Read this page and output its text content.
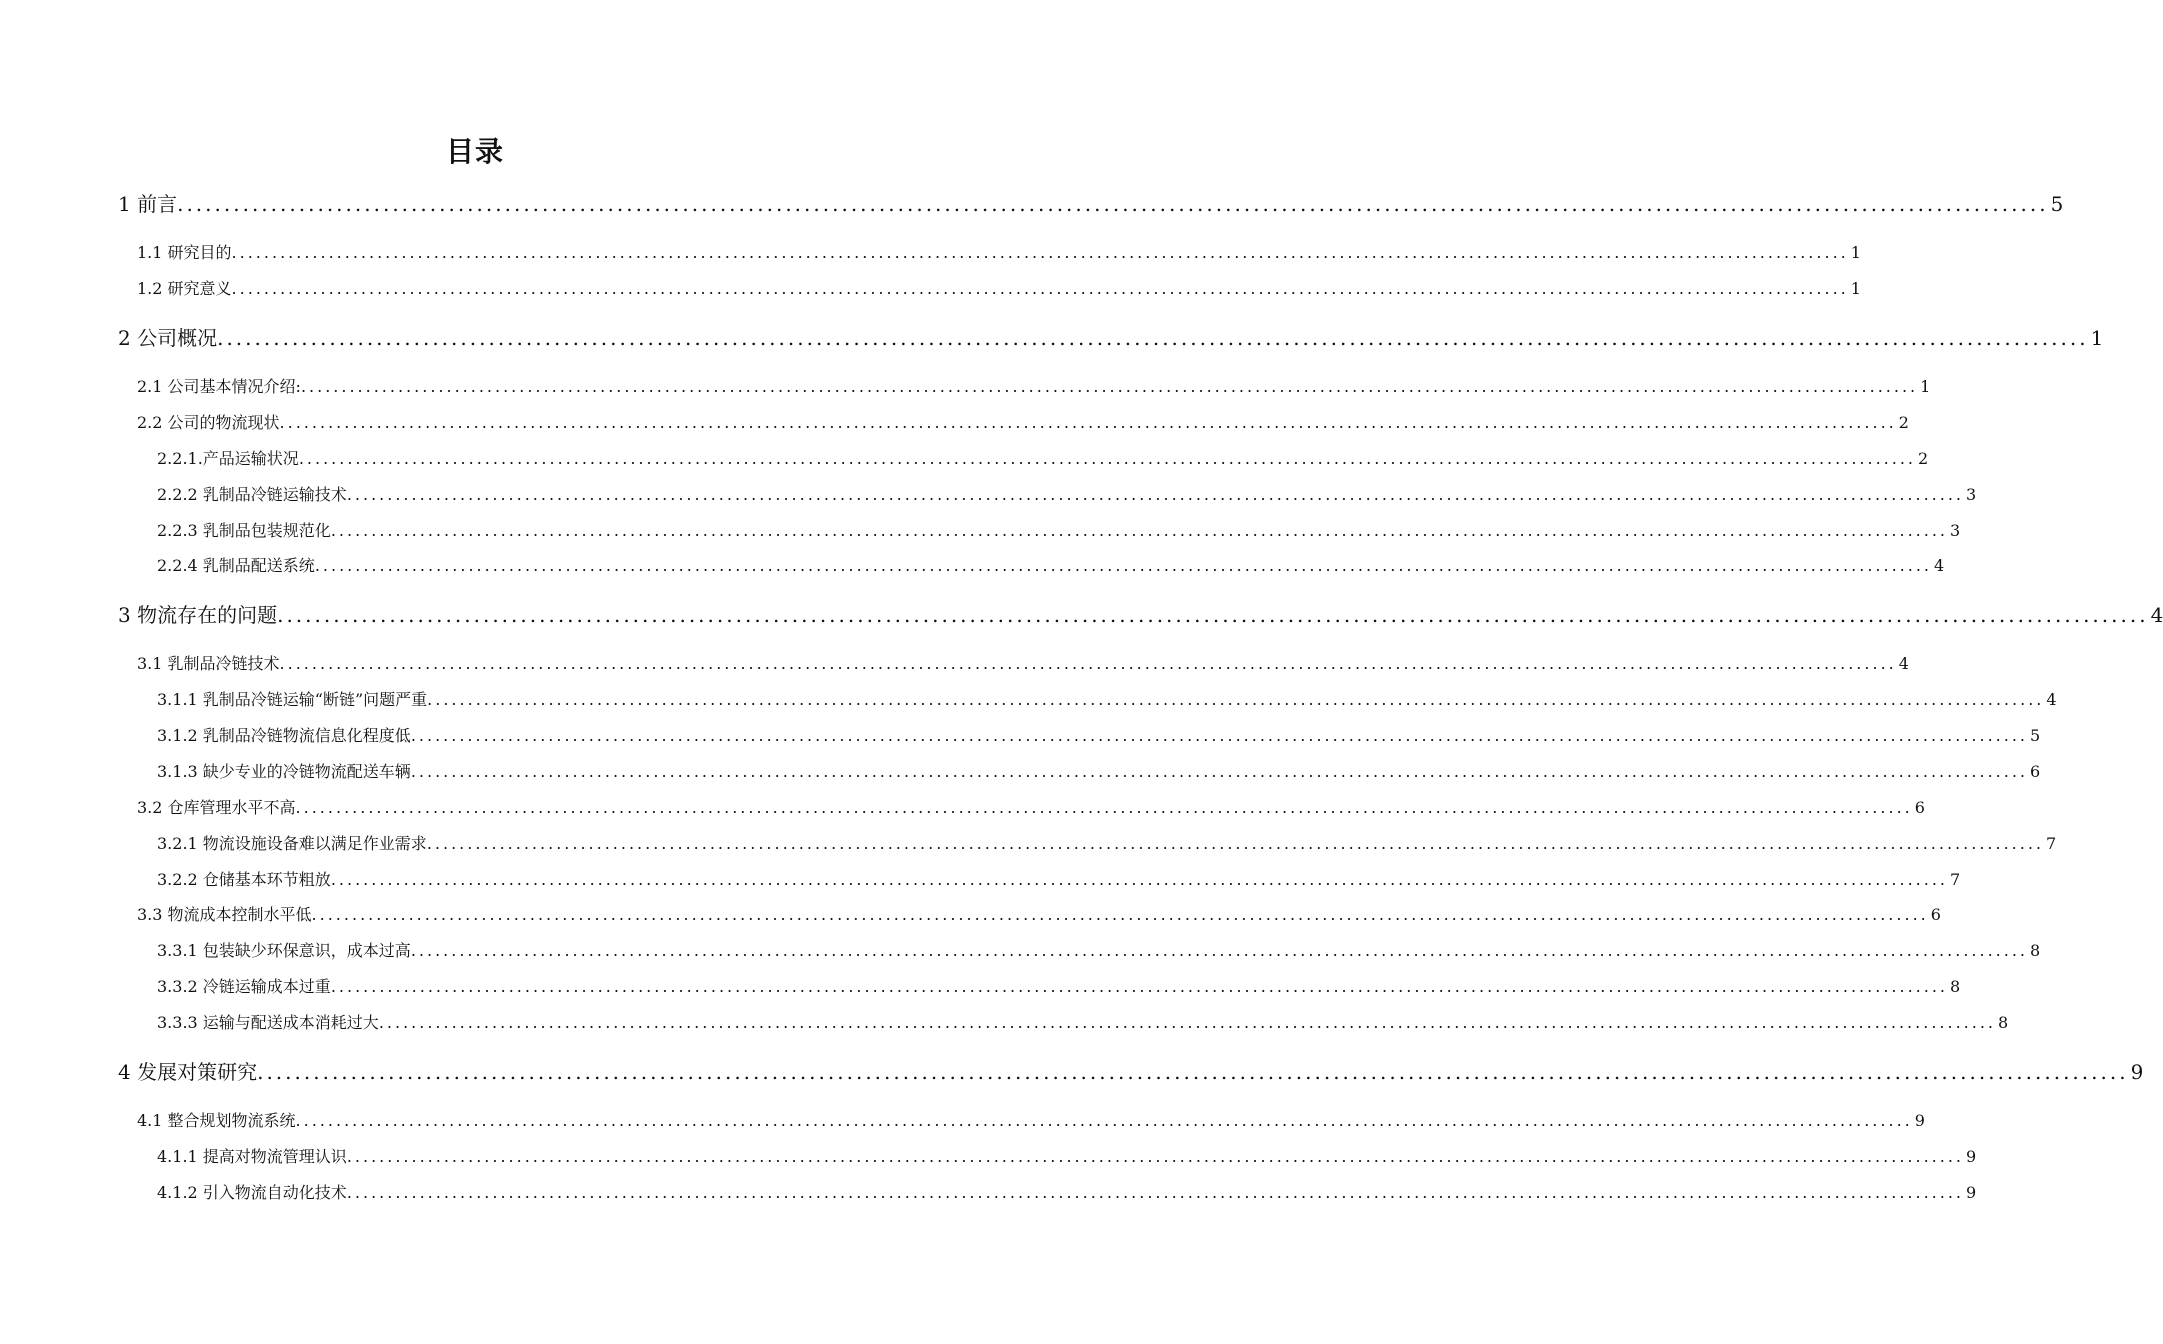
目录
1 前言 ........................................................................................................................................................................................................ 5
1.1 研究目的 ........................................................................................................................................................................................................ 1
1.2 研究意义 ........................................................................................................................................................................................................ 1
2 公司概况 ........................................................................................................................................................................................................ 1
2.1 公司基本情况介绍: ........................................................................................................................................................................................................ 1
2.2 公司的物流现状 ........................................................................................................................................................................................................ 2
2.2.1.产品运输状况 ........................................................................................................................................................................................................ 2
2.2.2 乳制品冷链运输技术 ........................................................................................................................................................................................................ 3
2.2.3 乳制品包装规范化 ........................................................................................................................................................................................................ 3
2.2.4 乳制品配送系统 ........................................................................................................................................................................................................ 4
3 物流存在的问题 ........................................................................................................................................................................................................ 4
3.1 乳制品冷链技术 ........................................................................................................................................................................................................ 4
3.1.1 乳制品冷链运输“断链”问题严重 ........................................................................................................................................................................................................ 4
3.1.2 乳制品冷链物流信息化程度低 ........................................................................................................................................................................................................ 5
3.1.3 缺少专业的冷链物流配送车辆 ........................................................................................................................................................................................................ 6
3.2 仓库管理水平不高 ........................................................................................................................................................................................................ 6
3.2.1 物流设施设备难以满足作业需求 ........................................................................................................................................................................................................ 7
3.2.2 仓储基本环节粗放 ........................................................................................................................................................................................................ 7
3.3 物流成本控制水平低 ........................................................................................................................................................................................................ 6
3.3.1 包装缺少环保意识，成本过高 ........................................................................................................................................................................................................ 8
3.3.2 冷链运输成本过重 ........................................................................................................................................................................................................ 8
3.3.3 运输与配送成本消耗过大 ........................................................................................................................................................................................................ 8
4 发展对策研究 ........................................................................................................................................................................................................ 9
4.1 整合规划物流系统 ........................................................................................................................................................................................................ 9
4.1.1 提高对物流管理认识 ........................................................................................................................................................................................................ 9
4.1.2 引入物流自动化技术 ........................................................................................................................................................................................................ 9
